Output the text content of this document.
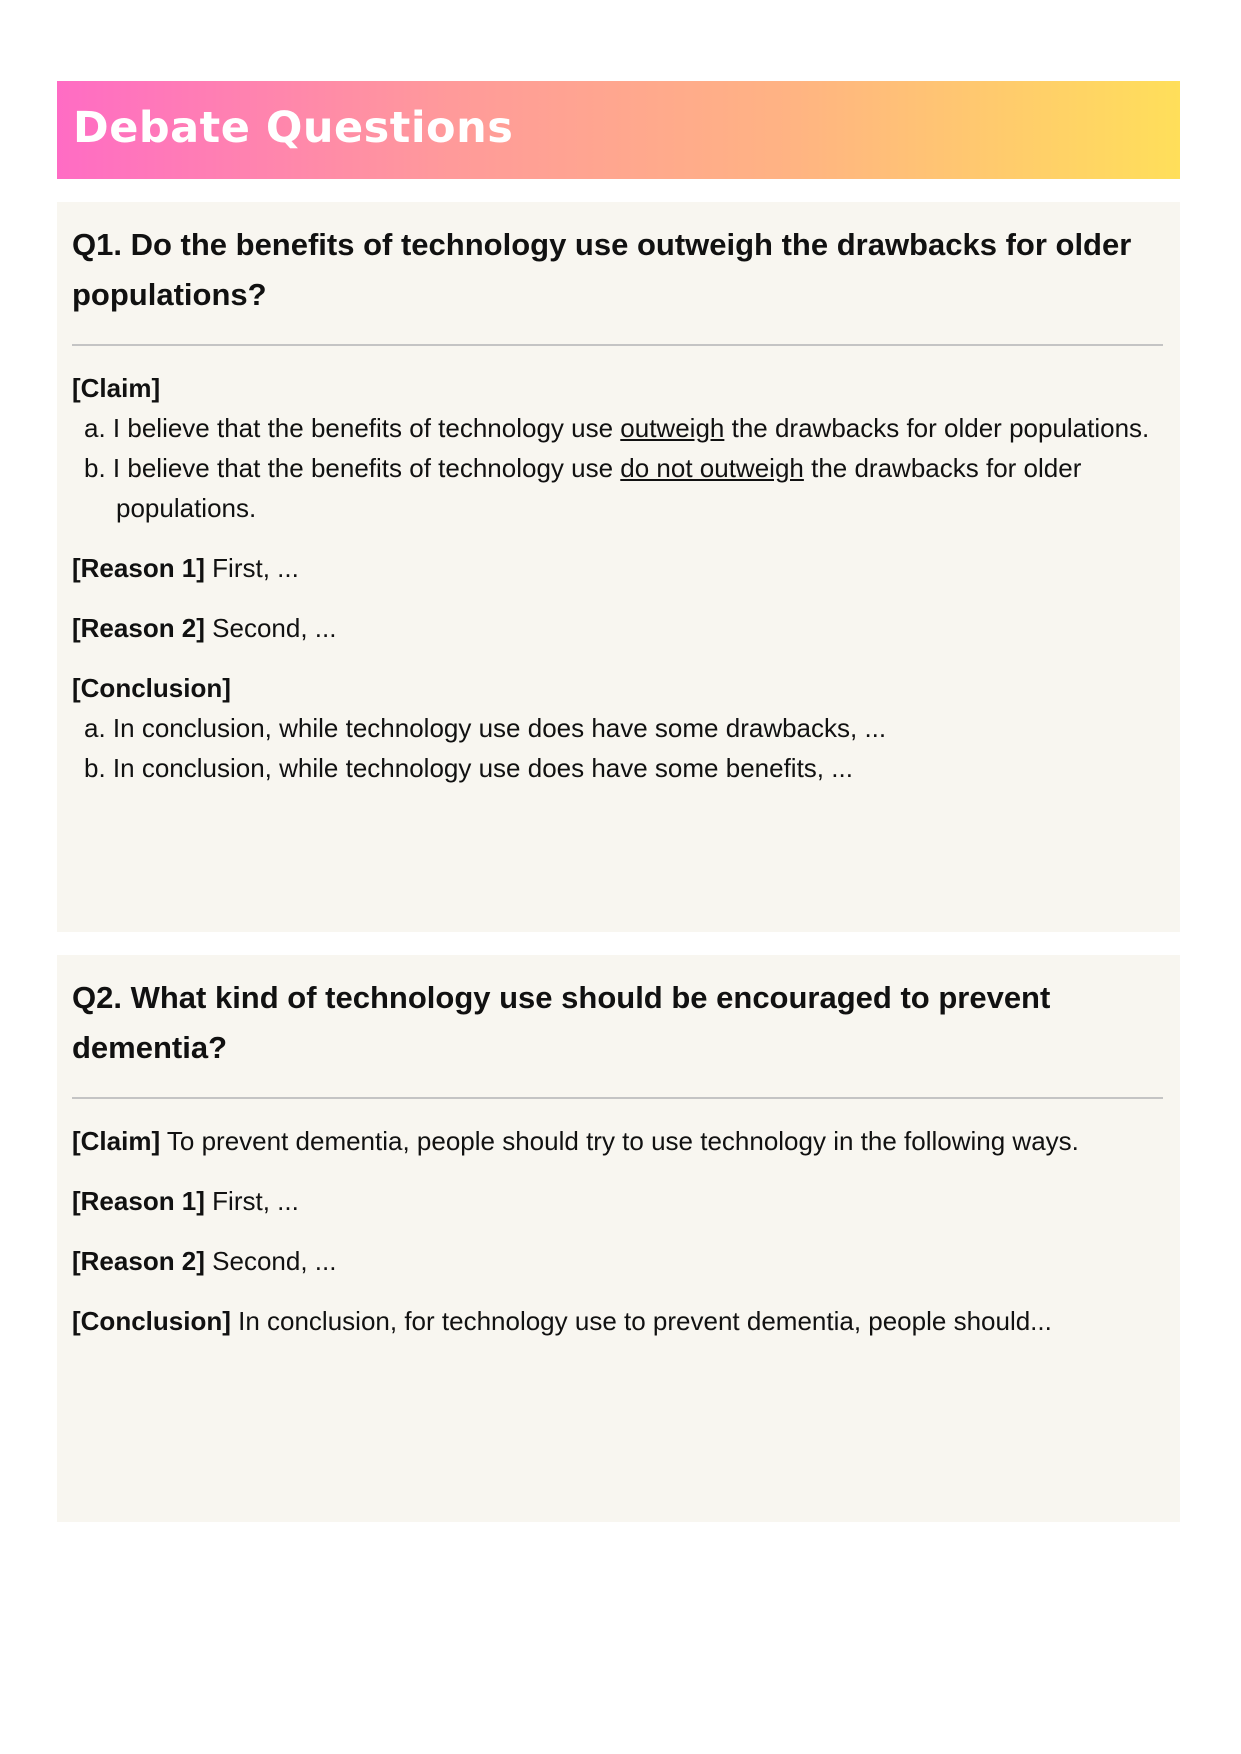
Debate Questions
Q1. Do the benefits of technology use outweigh the drawbacks for older populations?
[Claim]
a. I believe that the benefits of technology use outweigh the drawbacks for older populations.
b. I believe that the benefits of technology use do not outweigh the drawbacks for older populations.
[Reason 1] First, ...
[Reason 2] Second, ...
[Conclusion]
a. In conclusion, while technology use does have some drawbacks, ...
b. In conclusion, while technology use does have some benefits, ...
Q2. What kind of technology use should be encouraged to prevent dementia?
[Claim] To prevent dementia, people should try to use technology in the following ways.
[Reason 1] First, ...
[Reason 2] Second, ...
[Conclusion] In conclusion, for technology use to prevent dementia, people should...
